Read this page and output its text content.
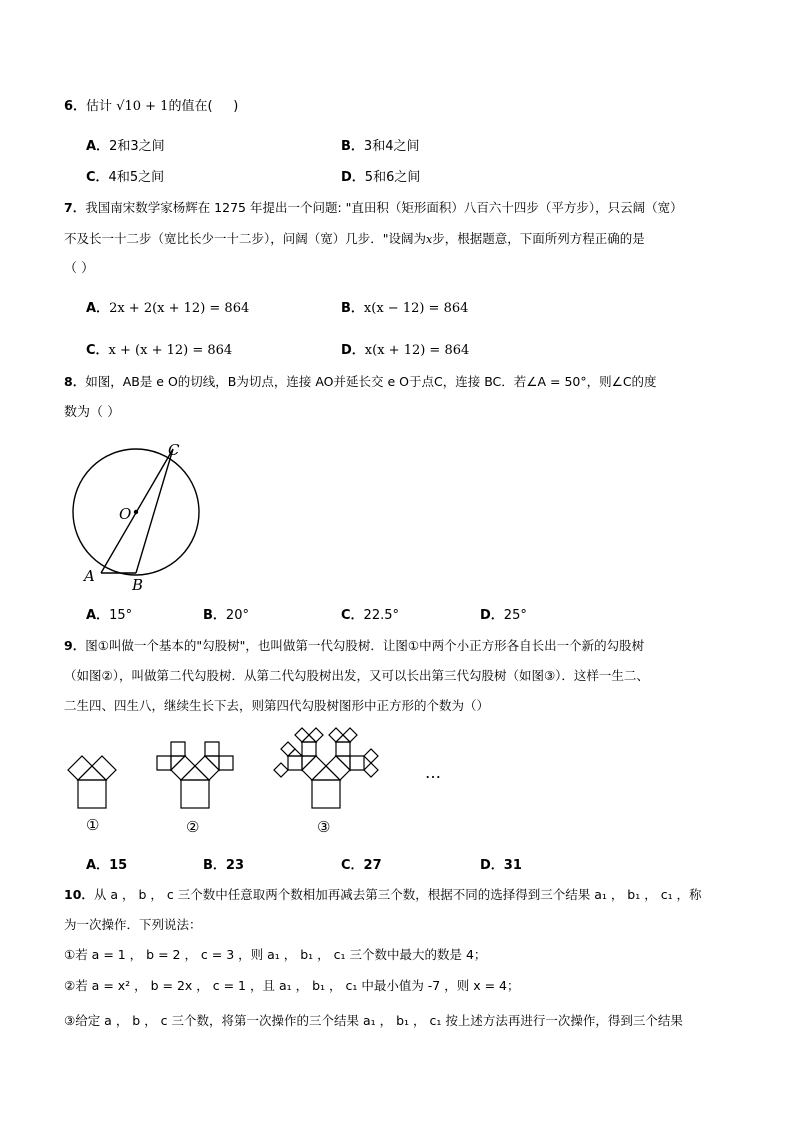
6．估计 √10 + 1的值在( )
A．2和3之间	B．3和4之间
C．4和5之间	D．5和6之间
7．我国南宋数学家杨辉在 1275 年提出一个问题: "直田积（矩形面积）八百六十四步（平方步），只云阔（宽）
不及长一十二步（宽比长少一十二步），问阔（宽）几步．"设阔为x步，根据题意，下面所列方程正确的是
（ ）
A．2x + 2(x + 12) = 864	B．x(x − 12) = 864
C．x + (x + 12) = 864	D．x(x + 12) = 864
8．如图，AB是 e O的切线，B为切点，连接 AO并延长交 e O于点C，连接 BC．若∠A = 50°，则∠C的度
数为（ ）
C
O
A B
A．15°	B．20°	C．22.5°	D．25°
9．图①叫做一个基本的"勾股树"，也叫做第一代勾股树．让图①中两个小正方形各自长出一个新的勾股树
（如图②），叫做第二代勾股树．从第二代勾股树出发，又可以长出第三代勾股树（如图③）．这样一生二、
二生四、四生八，继续生长下去，则第四代勾股树图形中正方形的个数为（）
…
①	②	③
A．15	B．23	C．27	D．31
10．从 a ， b ， c 三个数中任意取两个数相加再减去第三个数，根据不同的选择得到三个结果 a₁ ， b₁ ， c₁ ，称
为一次操作．下列说法：
①若 a = 1 ， b = 2 ， c = 3 ，则 a₁ ， b₁ ， c₁ 三个数中最大的数是 4；
②若 a = x² ， b = 2x ， c = 1 ，且 a₁ ， b₁ ， c₁ 中最小值为 -7 ，则 x = 4；
③给定 a ， b ， c 三个数，将第一次操作的三个结果 a₁ ， b₁ ， c₁ 按上述方法再进行一次操作，得到三个结果
